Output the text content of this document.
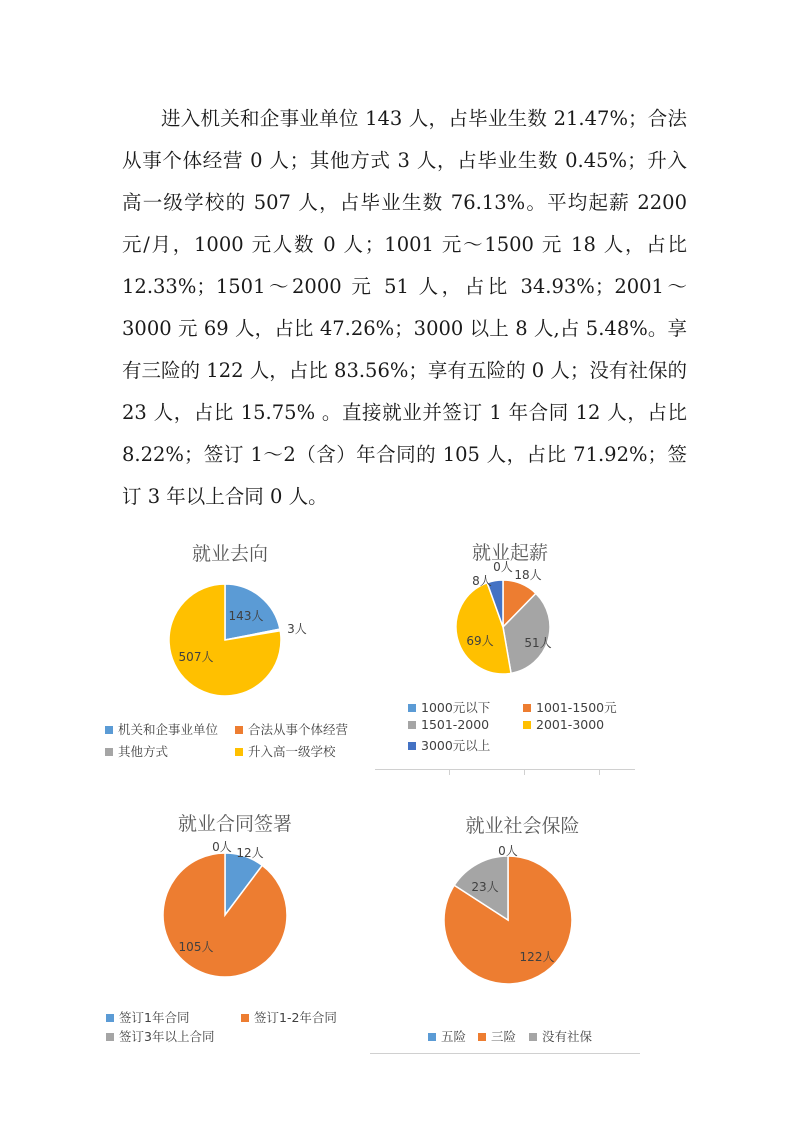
进入机关和企事业单位 143 人，占毕业生数 21.47%；合法从事个体经营 0 人；其他方式 3 人，占毕业生数 0.45%；升入高一级学校的 507 人，占毕业生数 76.13%。平均起薪 2200 元/月，1000 元人数 0 人；1001 元～1500 元 18 人，占比 12.33%；1501～2000 元 51 人，占比 34.93%；2001～3000 元 69 人，占比 47.26%；3000 以上 8 人,占 5.48%。享有三险的 122 人，占比 83.56%；享有五险的 0 人；没有社保的 23 人，占比 15.75% 。直接就业并签订 1 年合同 12 人，占比 8.22%；签订 1～2（含）年合同的 105 人，占比 71.92%；签订 3 年以上合同 0 人。

就业去向
143人
3人
507人
机关和企事业单位	合法从事个体经营
其他方式	升入高一级学校
就业起薪
0人
18人
51人
69人
8人
1000元以下	1001-1500元
1501-2000	2001-3000
3000元以上
就业合同签署
12人
105人
0人
签订1年合同	签订1-2年合同
签订3年以上合同
就业社会保险
0人
122人
23人
五险	三险	没有社保
